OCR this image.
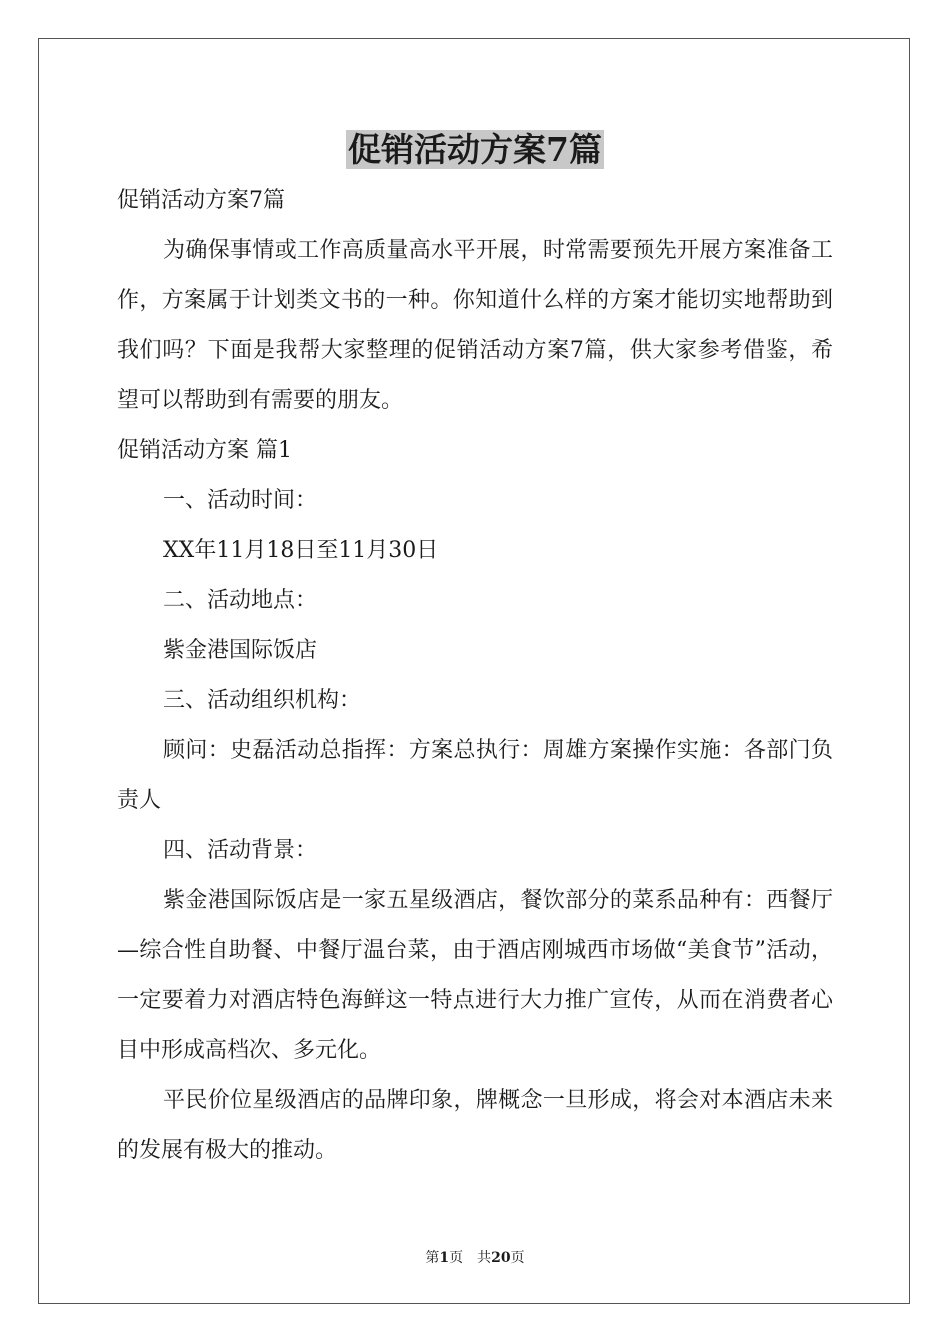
促销活动方案7篇

促销活动方案7篇

为确保事情或工作高质量高水平开展，时常需要预先开展方案准备工作，方案属于计划类文书的一种。你知道什么样的方案才能切实地帮助到我们吗？下面是我帮大家整理的促销活动方案7篇，供大家参考借鉴，希望可以帮助到有需要的朋友。

促销活动方案 篇1

一、活动时间：

XX年11月18日至11月30日

二、活动地点：

紫金港国际饭店

三、活动组织机构：

顾问：史磊活动总指挥：方案总执行：周雄方案操作实施：各部门负责人

四、活动背景：

紫金港国际饭店是一家五星级酒店，餐饮部分的菜系品种有：西餐厅—综合性自助餐、中餐厅温台菜，由于酒店刚城西市场做“美食节”活动，一定要着力对酒店特色海鲜这一特点进行大力推广宣传，从而在消费者心目中形成高档次、多元化。

平民价位星级酒店的品牌印象，牌概念一旦形成，将会对本酒店未来的发展有极大的推动。

第1页　共20页
